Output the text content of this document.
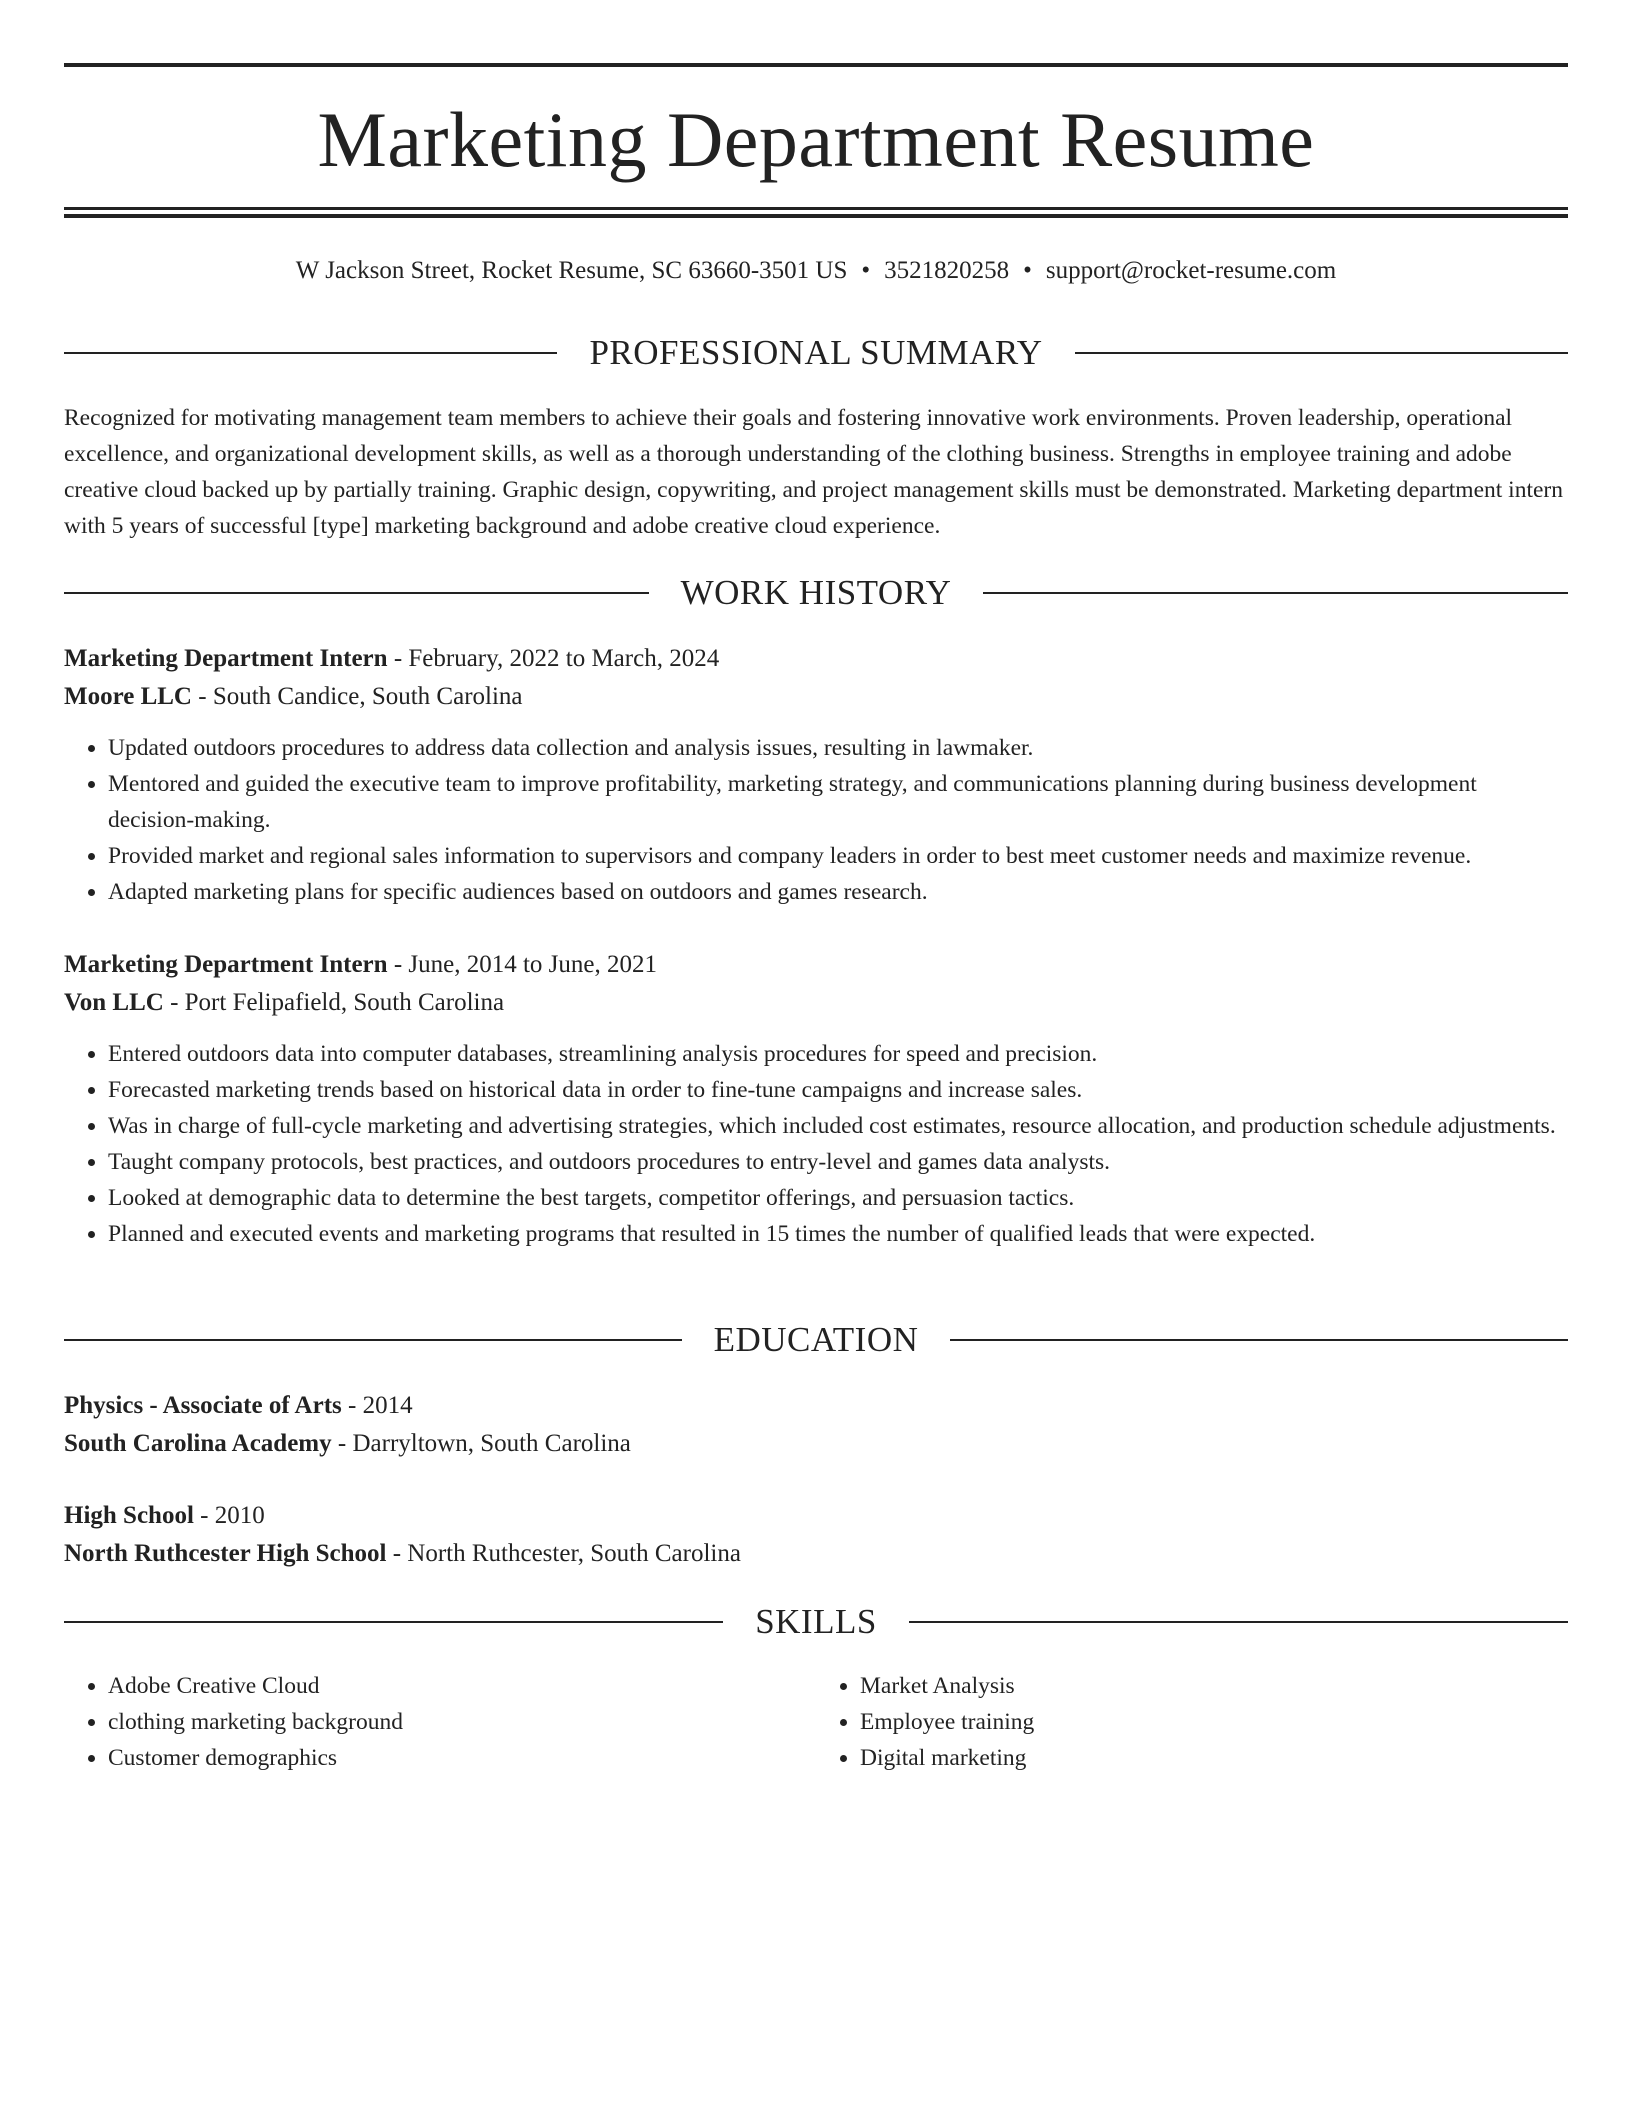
Marketing Department Resume
W Jackson Street, Rocket Resume, SC 63660-3501 US • 3521820258 • support@rocket-resume.com
PROFESSIONAL SUMMARY

Recognized for motivating management team members to achieve their goals and fostering innovative work environments. Proven leadership, operational excellence, and organizational development skills, as well as a thorough understanding of the clothing business. Strengths in employee training and adobe creative cloud backed up by partially training. Graphic design, copywriting, and project management skills must be demonstrated. Marketing department intern with 5 years of successful [type] marketing background and adobe creative cloud experience.

WORK HISTORY
Marketing Department Intern - February, 2022 to March, 2024
Moore LLC - South Candice, South Carolina
• Updated outdoors procedures to address data collection and analysis issues, resulting in lawmaker.
• Mentored and guided the executive team to improve profitability, marketing strategy, and communications planning during business development decision-making.
• Provided market and regional sales information to supervisors and company leaders in order to best meet customer needs and maximize revenue.
• Adapted marketing plans for specific audiences based on outdoors and games research.
Marketing Department Intern - June, 2014 to June, 2021
Von LLC - Port Felipafield, South Carolina
• Entered outdoors data into computer databases, streamlining analysis procedures for speed and precision.
• Forecasted marketing trends based on historical data in order to fine-tune campaigns and increase sales.
• Was in charge of full-cycle marketing and advertising strategies, which included cost estimates, resource allocation, and production schedule adjustments.
• Taught company protocols, best practices, and outdoors procedures to entry-level and games data analysts.
• Looked at demographic data to determine the best targets, competitor offerings, and persuasion tactics.
• Planned and executed events and marketing programs that resulted in 15 times the number of qualified leads that were expected.
EDUCATION
Physics - Associate of Arts - 2014
South Carolina Academy - Darryltown, South Carolina
High School - 2010
North Ruthcester High School - North Ruthcester, South Carolina
SKILLS
• Adobe Creative Cloud
• clothing marketing background
• Customer demographics
• Market Analysis
• Employee training
• Digital marketing
